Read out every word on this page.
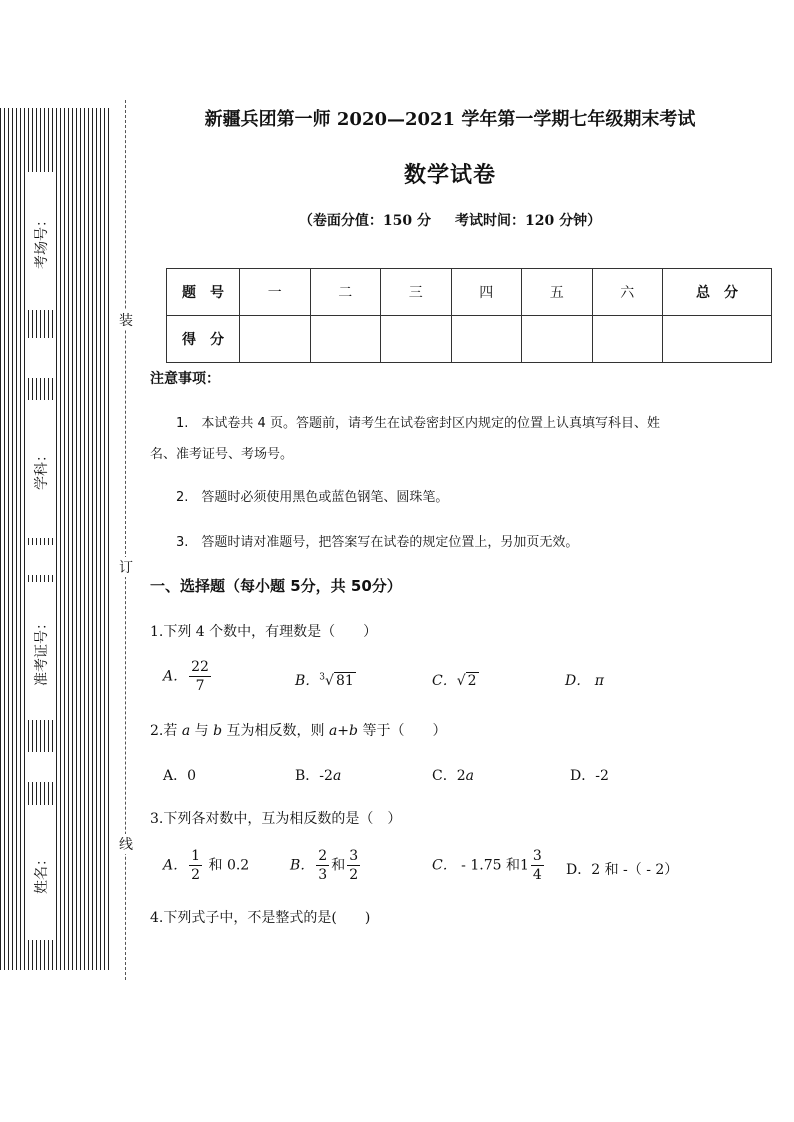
考场号：
学科：
准考证号：
姓名：
装
订
线
新疆兵团第一师 2020—2021 学年第一学期七年级期末考试
数学试卷
（卷面分值：150 分 考试时间：120 分钟）
题　号	一	二	三	四	五	六	总　分
得　分							
注意事项：
1.　本试卷共 4 页。答题前，请考生在试卷密封区内规定的位置上认真填写科目、姓
名、准考证号、考场号。
2.　答题时必须使用黑色或蓝色钢笔、圆珠笔。
3.　答题时请对准题号，把答案写在试卷的规定位置上，另加页无效。
一、选择题（每小题 5分，共 50分）
1.下列 4 个数中，有理数是（　　）
A． $\frac{22}{7}$	B．$^3$√ 81	C．√ 2	D． π
2.若 a 与 b 互为相反数，则 a+b 等于（　　）
A．0	B．-2a	C．2a	D．-2
3.下列各对数中，互为相反数的是（　）
A． $\frac{1}{2}$ 和 0.2	B． $\frac{2}{3}$ 和 $\frac{3}{2}$	C． - 1.75 和$1 \frac{3}{4}$ D．2 和 -（ - 2）
4.下列式子中，不是整式的是(　　)
